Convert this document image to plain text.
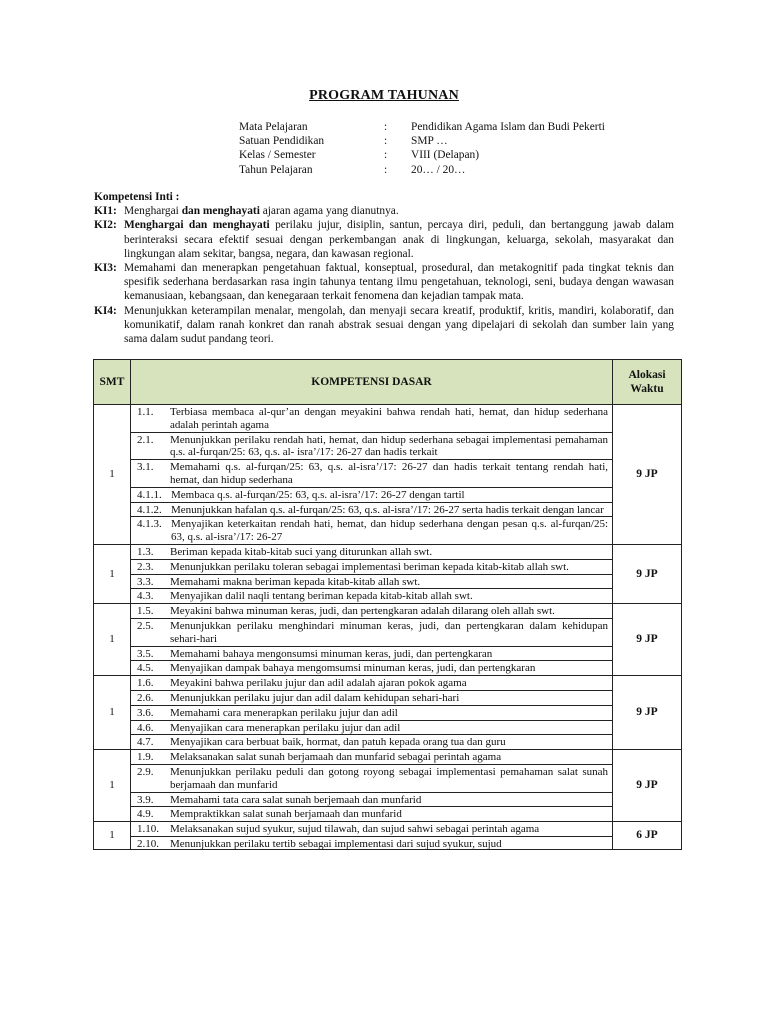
PROGRAM TAHUNAN
Mata Pelajaran	:	Pendidikan Agama Islam dan Budi Pekerti
Satuan Pendidikan	:	SMP …
Kelas / Semester	:	VIII (Delapan)
Tahun Pelajaran	:	20… / 20…
Kompetensi Inti :
KI1: Menghargai dan menghayati ajaran agama yang dianutnya.
KI2: Menghargai dan menghayati perilaku jujur, disiplin, santun, percaya diri, peduli, dan bertanggung jawab dalam berinteraksi secara efektif sesuai dengan perkembangan anak di lingkungan, keluarga, sekolah, masyarakat dan lingkungan alam sekitar, bangsa, negara, dan kawasan regional.
KI3: Memahami dan menerapkan pengetahuan faktual, konseptual, prosedural, dan metakognitif pada tingkat teknis dan spesifik sederhana berdasarkan rasa ingin tahunya tentang ilmu pengetahuan, teknologi, seni, budaya dengan wawasan kemanusiaan, kebangsaan, dan kenegaraan terkait fenomena dan kejadian tampak mata.
KI4: Menunjukkan keterampilan menalar, mengolah, dan menyaji secara kreatif, produktif, kritis, mandiri, kolaboratif, dan komunikatif, dalam ranah konkret dan ranah abstrak sesuai dengan yang dipelajari di sekolah dan sumber lain yang sama dalam sudut pandang teori.
SMT	KOMPETENSI DASAR	Alokasi
Waktu
1	1.1. Terbiasa membaca al-qur’an dengan meyakini bahwa rendah hati, hemat, dan hidup sederhana adalah perintah agama	9 JP

	2.1. Menunjukkan perilaku rendah hati, hemat, dan hidup sederhana sebagai implementasi pemahaman q.s. al-furqan/25: 63, q.s. al- isra’/17: 26-27 dan hadis terkait	

	3.1. Memahami q.s. al-furqan/25: 63, q.s. al-isra’/17: 26-27 dan hadis terkait tentang rendah hati, hemat, dan hidup sederhana	

	4.1.1. Membaca q.s. al-furqan/25: 63, q.s. al-isra’/17: 26-27 dengan tartil	

	4.1.2. Menunjukkan hafalan q.s. al-furqan/25: 63, q.s. al-isra’/17: 26-27 serta hadis terkait dengan lancar	

	4.1.3. Menyajikan keterkaitan rendah hati, hemat, dan hidup sederhana dengan pesan q.s. al-furqan/25: 63, q.s. al-isra’/17: 26-27	

1	1.3. Beriman kepada kitab-kitab suci yang diturunkan allah swt.	9 JP

	2.3. Menunjukkan perilaku toleran sebagai implementasi beriman kepada kitab-kitab allah swt.	

	3.3. Memahami makna beriman kepada kitab-kitab allah swt.	

	4.3. Menyajikan dalil naqli tentang beriman kepada kitab-kitab allah swt.	

1	1.5. Meyakini bahwa minuman keras, judi, dan pertengkaran adalah dilarang oleh allah swt.	9 JP

	2.5. Menunjukkan perilaku menghindari minuman keras, judi, dan pertengkaran dalam kehidupan sehari-hari	

	3.5. Memahami bahaya mengonsumsi minuman keras, judi, dan pertengkaran	

	4.5. Menyajikan dampak bahaya mengomsumsi minuman keras, judi, dan pertengkaran	

1	1.6. Meyakini bahwa perilaku jujur dan adil adalah ajaran pokok agama	9 JP

	2.6. Menunjukkan perilaku jujur dan adil dalam kehidupan sehari-hari	

	3.6. Memahami cara menerapkan perilaku jujur dan adil	

	4.6. Menyajikan cara menerapkan perilaku jujur dan adil	

	4.7. Menyajikan cara berbuat baik, hormat, dan patuh kepada orang tua dan guru	

1	1.9. Melaksanakan salat sunah berjamaah dan munfarid sebagai perintah agama	9 JP

	2.9. Menunjukkan perilaku peduli dan gotong royong sebagai implementasi pemahaman salat sunah berjamaah dan munfarid	

	3.9. Memahami tata cara salat sunah berjemaah dan munfarid	

	4.9. Mempraktikkan salat sunah berjamaah dan munfarid	

1	1.10. Melaksanakan sujud syukur, sujud tilawah, dan sujud sahwi sebagai perintah agama	6 JP

	2.10. Menunjukkan perilaku tertib sebagai implementasi dari sujud syukur, sujud	
